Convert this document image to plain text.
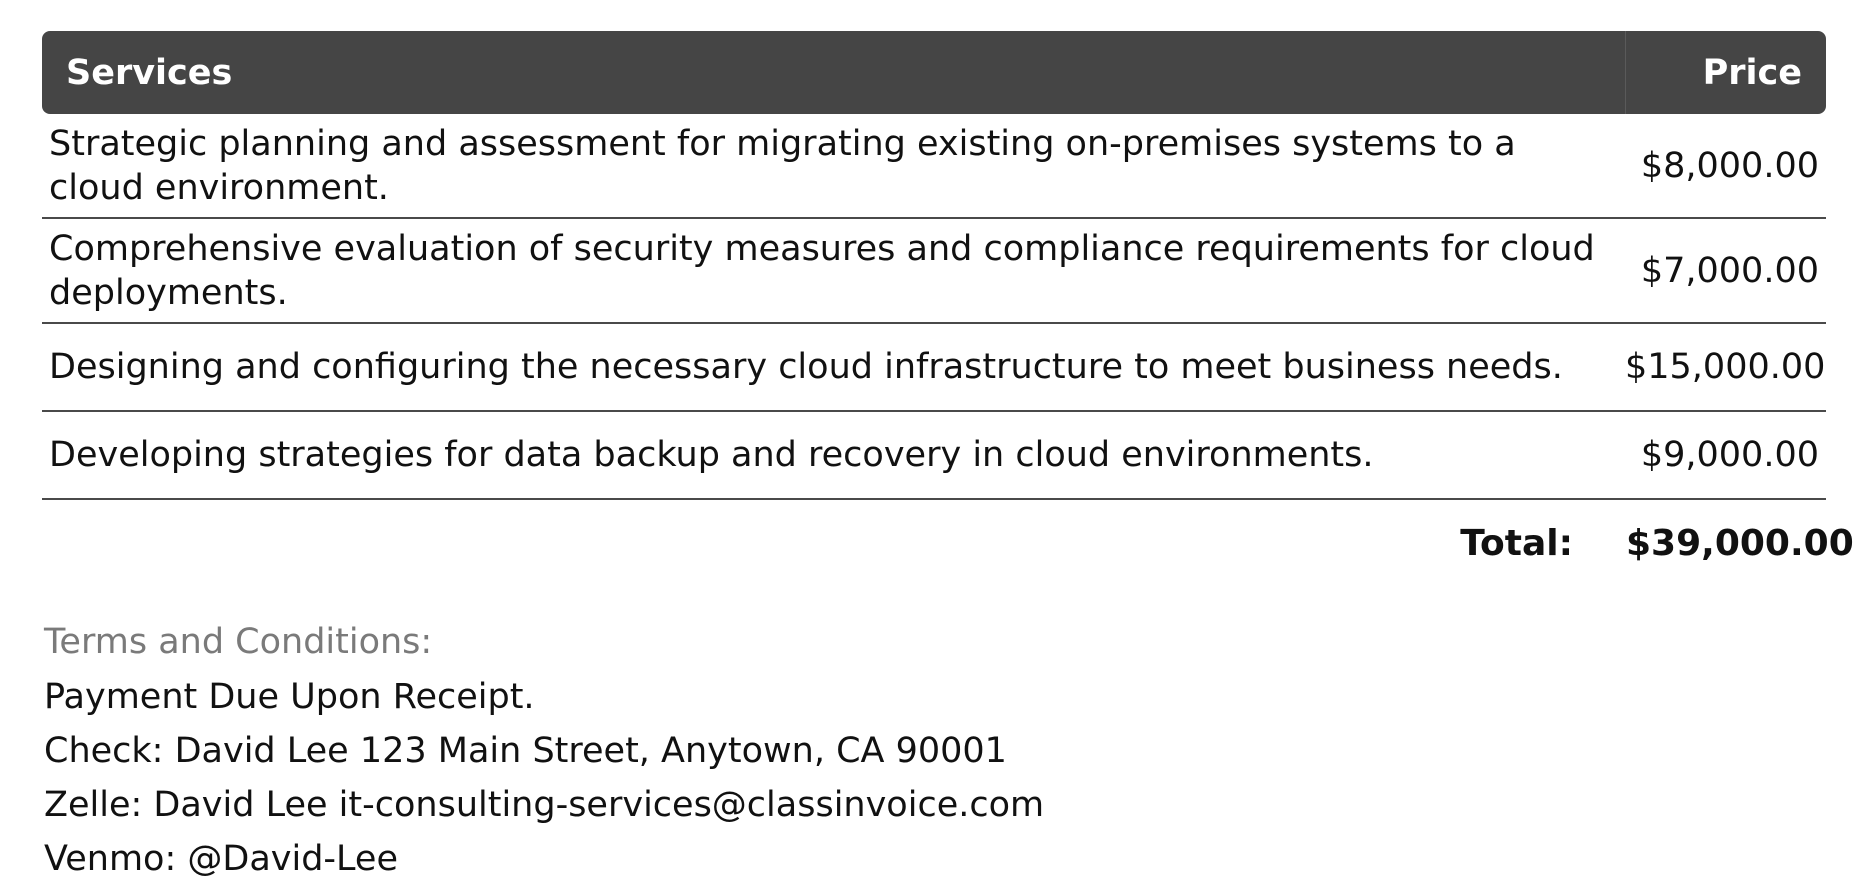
Services	Price
Strategic planning and assessment for migrating existing on-premises systems to a cloud environment.	$8,000.00
Comprehensive evaluation of security measures and compliance requirements for cloud deployments.	$7,000.00
Designing and configuring the necessary cloud infrastructure to meet business needs.	$15,000.00
Developing strategies for data backup and recovery in cloud environments.	$9,000.00
Total:	$39,000.00
Terms and Conditions:
Payment Due Upon Receipt.
Check: David Lee 123 Main Street, Anytown, CA 90001
Zelle: David Lee it-consulting-services@classinvoice.com
Venmo: @David-Lee
